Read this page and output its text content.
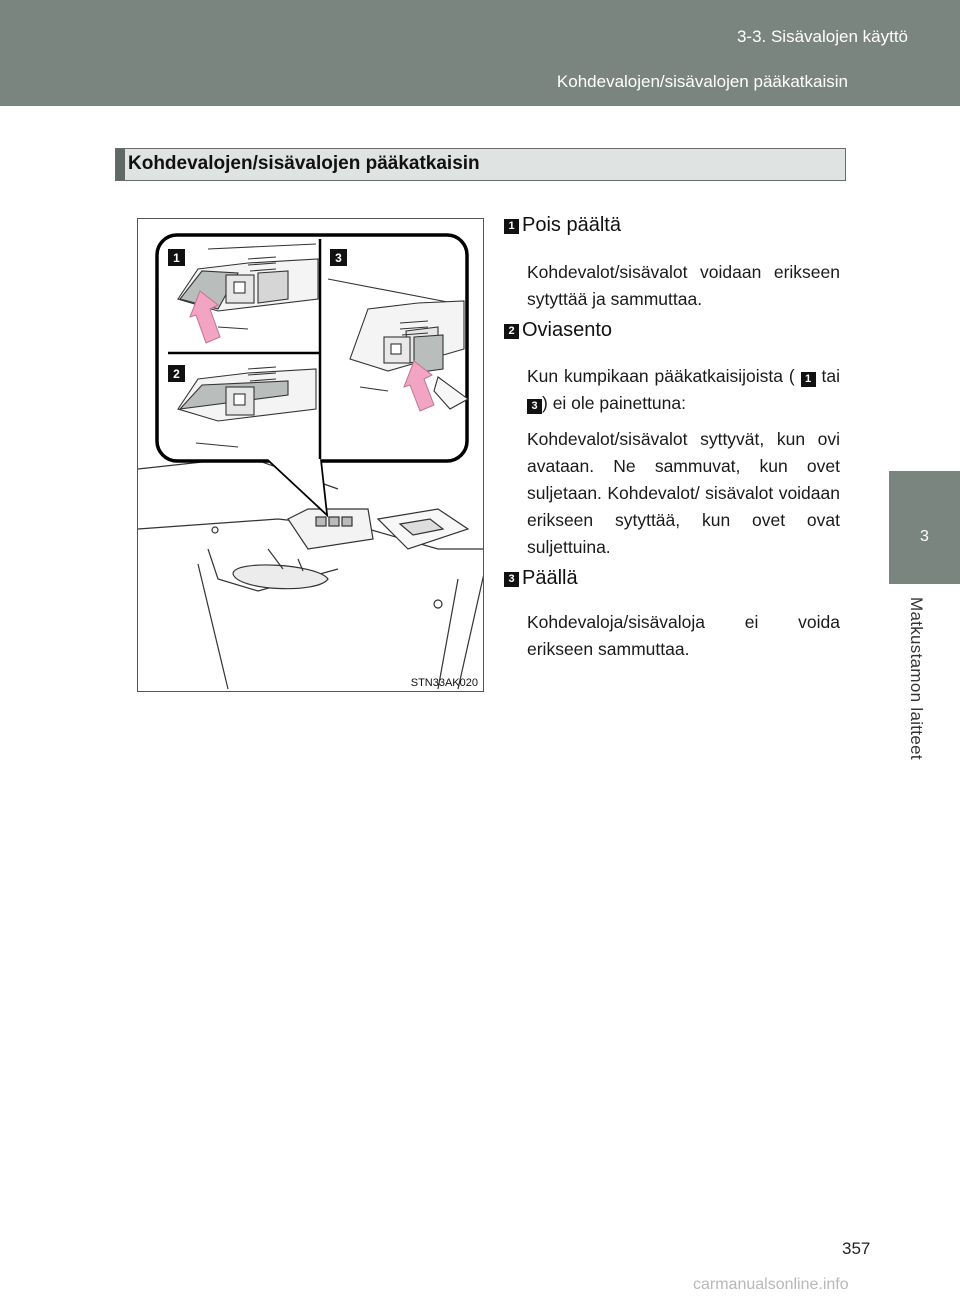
3-3. Sisävalojen käyttö
Kohdevalojen/sisävalojen pääkatkaisin
3
Matkustamon laitteet
Kohdevalojen/sisävalojen pääkatkaisin
1
2
3
STN33AK020
1 Pois päältä
Kohdevalot/sisävalot voidaan erikseen sytyttää ja sammuttaa.
2 Oviasento
Kun kumpikaan pääkatkaisijoista ( 1 tai 3 ) ei ole painettuna:
Kohdevalot/sisävalot syttyvät, kun ovi avataan. Ne sammuvat, kun ovet suljetaan. Kohdevalot/ sisävalot voidaan erikseen sytyttää, kun ovet ovat suljettuina.
3 Päällä
Kohdevaloja/sisävaloja ei voida erikseen sammuttaa.
357
carmanualsonline.info
